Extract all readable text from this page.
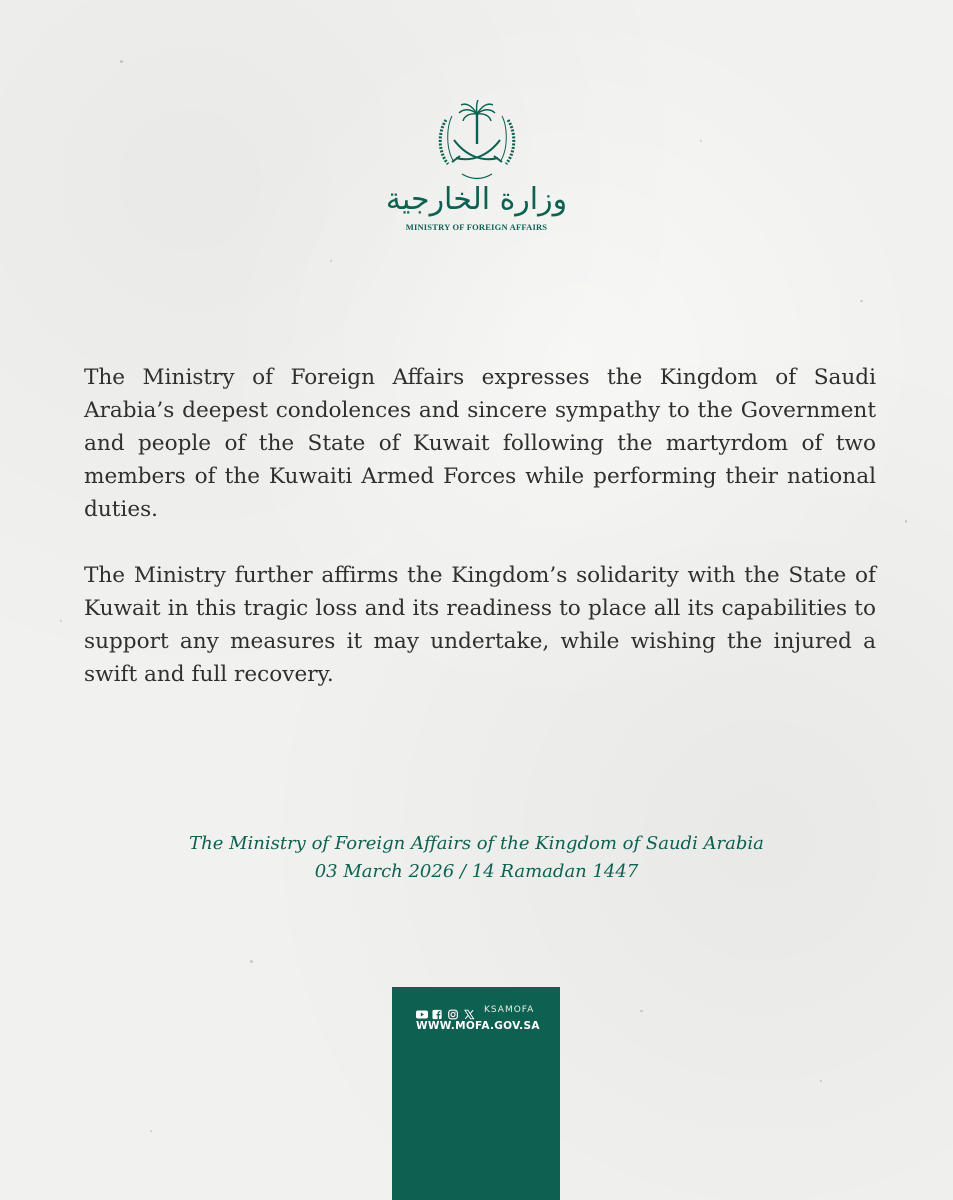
وزارة الخارجية
MINISTRY OF FOREIGN AFFAIRS

The Ministry of Foreign Affairs expresses the Kingdom of Saudi Arabia’s deepest condolences and sincere sympathy to the Government and people of the State of Kuwait following the martyrdom of two members of the Kuwaiti Armed Forces while performing their national duties.

The Ministry further affirms the Kingdom’s solidarity with the State of Kuwait in this tragic loss and its readiness to place all its capabilities to support any measures it may undertake, while wishing the injured a swift and full recovery.

The Ministry of Foreign Affairs of the Kingdom of Saudi Arabia
03 March 2026 / 14 Ramadan 1447
KSAMOFA
WWW.MOFA.GOV.SA
